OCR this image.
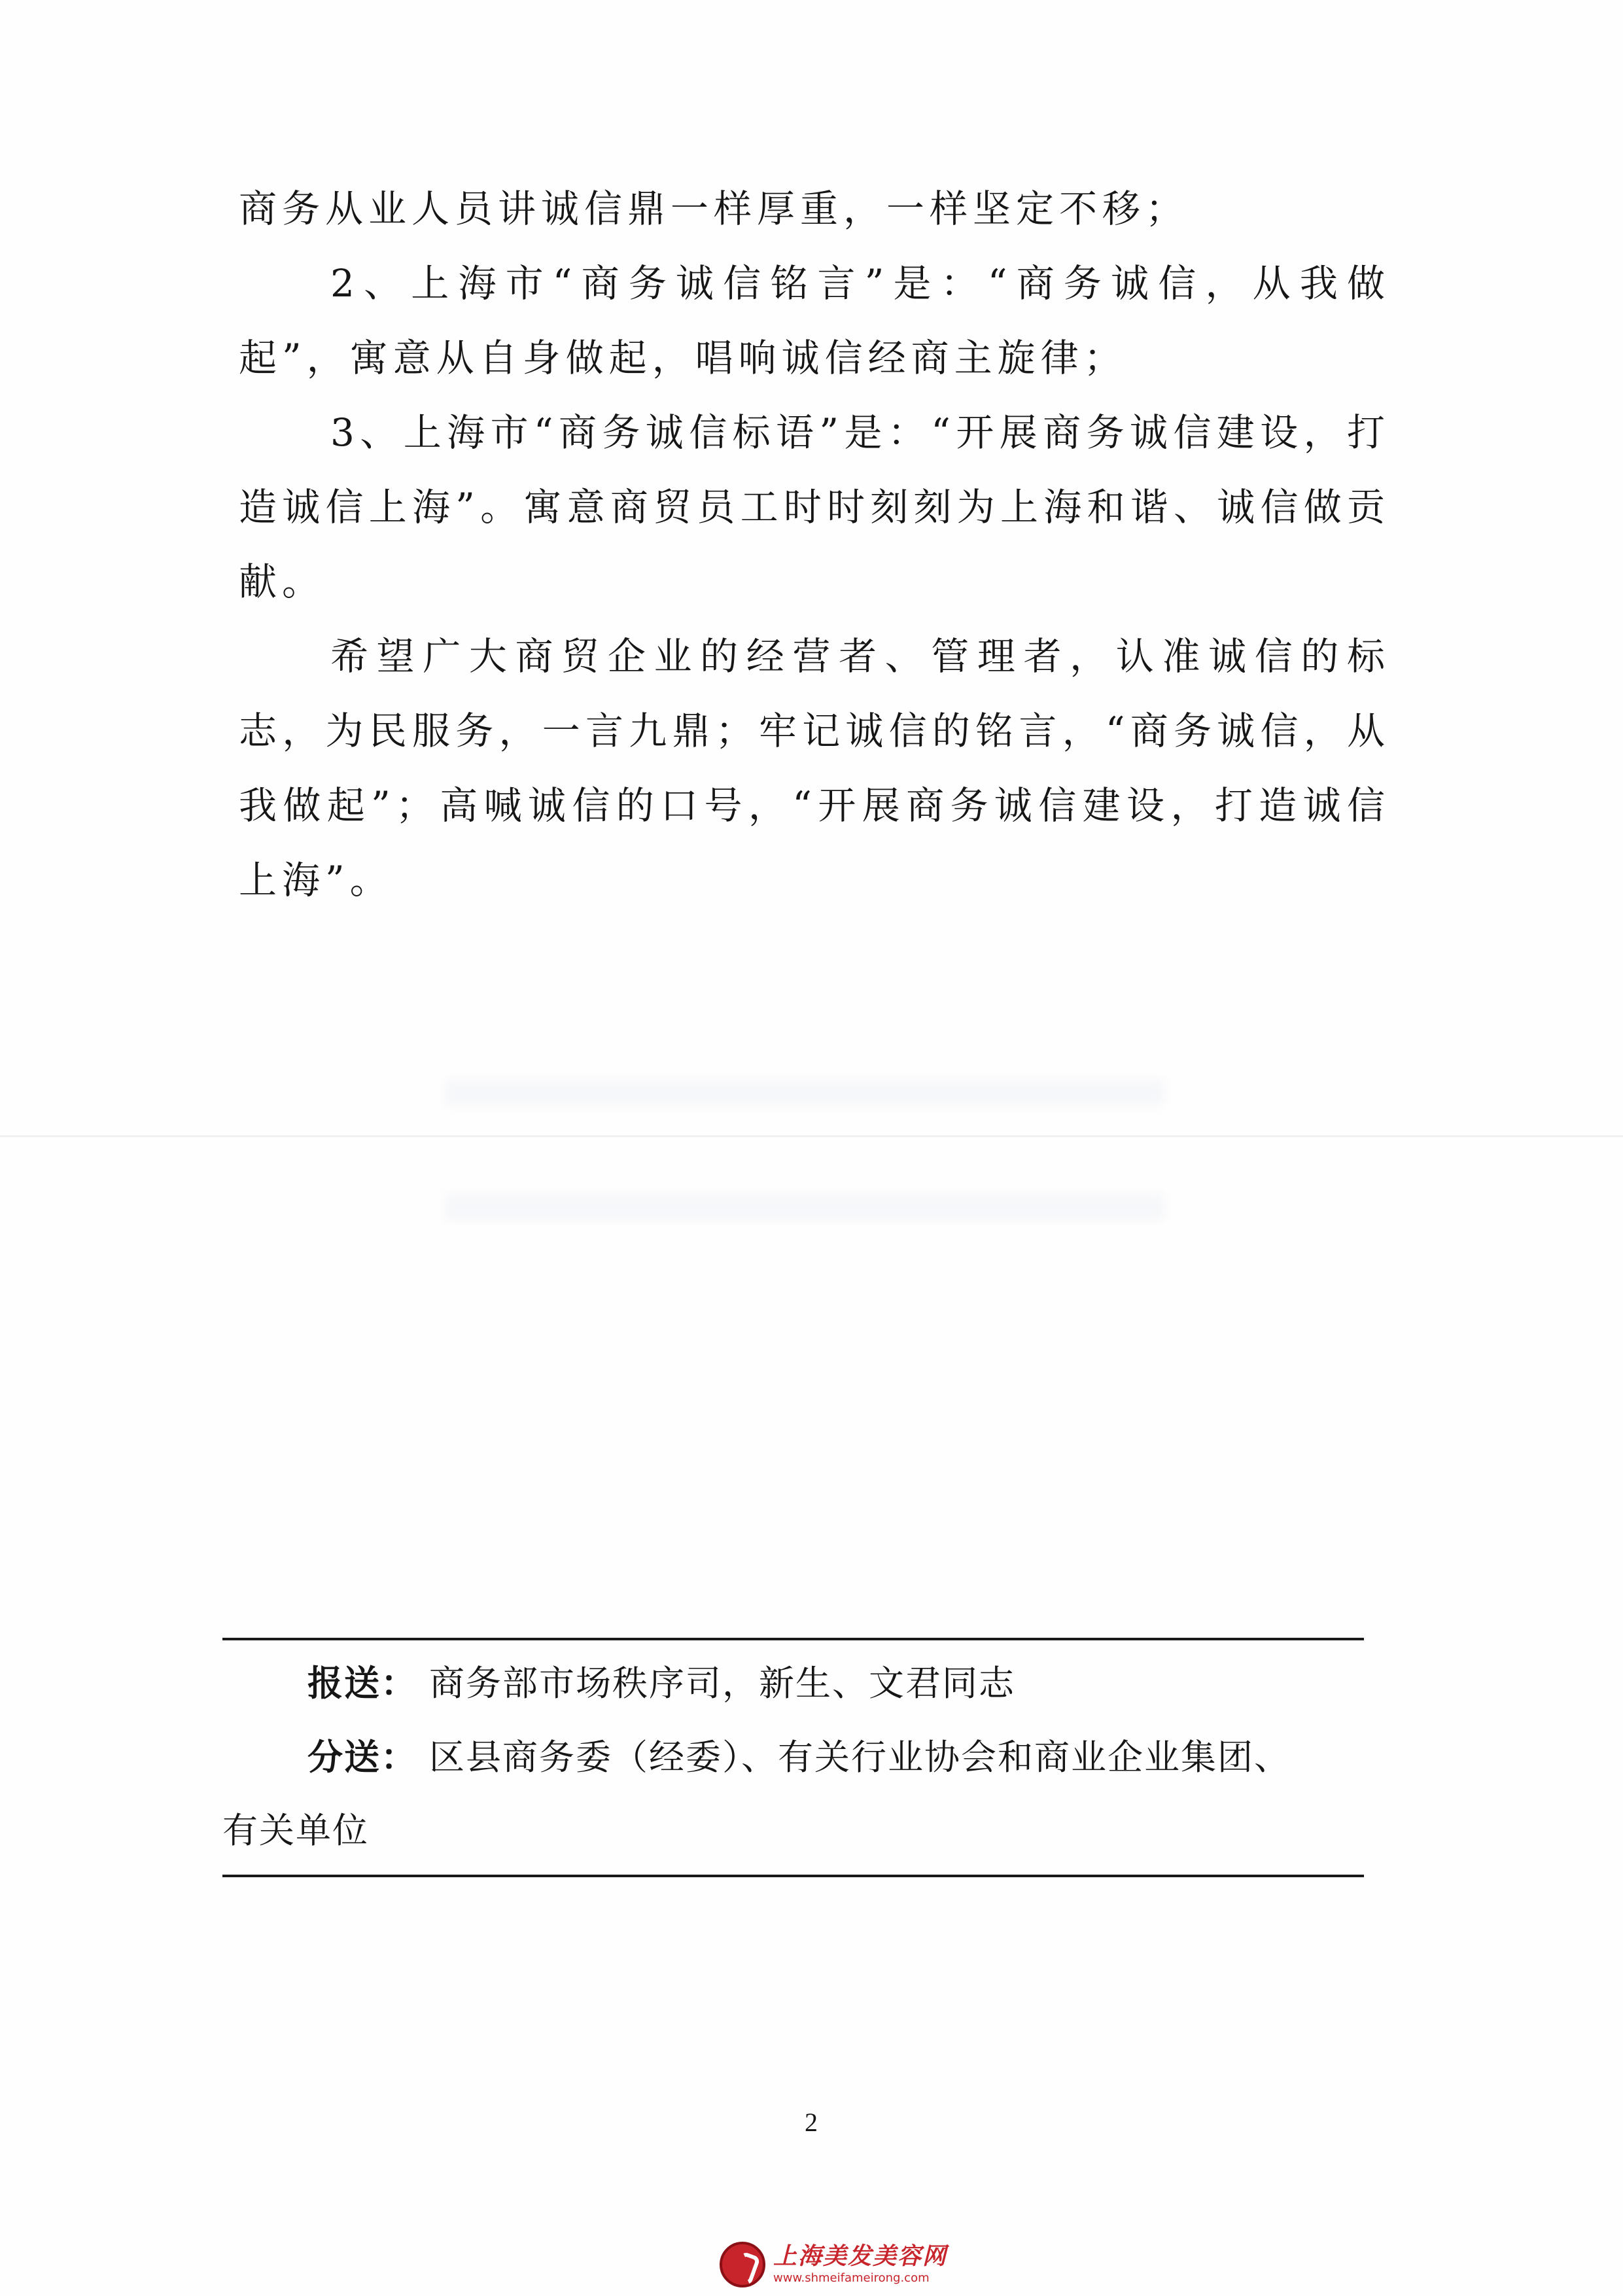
商务从业人员讲诚信鼎一样厚重，一样坚定不移；

2、上海市“商务诚信铭言”是：“商务诚信，从我做起”，寓意从自身做起，唱响诚信经商主旋律；

3、上海市“商务诚信标语”是：“开展商务诚信建设，打造诚信上海”。寓意商贸员工时时刻刻为上海和谐、诚信做贡献。

希望广大商贸企业的经营者、管理者，认准诚信的标志，为民服务，一言九鼎；牢记诚信的铭言，“商务诚信，从我做起”；高喊诚信的口号，“开展商务诚信建设，打造诚信上海”。

报送： 商务部市场秩序司，新生、文君同志
分送： 区县商务委（经委）、有关行业协会和商业企业集团、
有关单位
2
上海美发美容网
www.shmeifameirong.com
